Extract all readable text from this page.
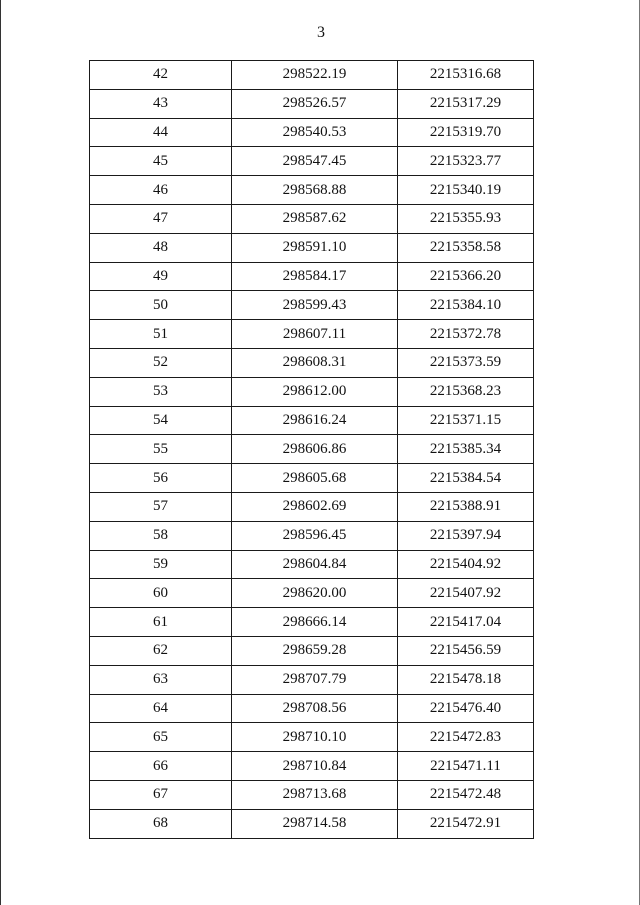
3
42	298522.19	2215316.68
43	298526.57	2215317.29
44	298540.53	2215319.70
45	298547.45	2215323.77
46	298568.88	2215340.19
47	298587.62	2215355.93
48	298591.10	2215358.58
49	298584.17	2215366.20
50	298599.43	2215384.10
51	298607.11	2215372.78
52	298608.31	2215373.59
53	298612.00	2215368.23
54	298616.24	2215371.15
55	298606.86	2215385.34
56	298605.68	2215384.54
57	298602.69	2215388.91
58	298596.45	2215397.94
59	298604.84	2215404.92
60	298620.00	2215407.92
61	298666.14	2215417.04
62	298659.28	2215456.59
63	298707.79	2215478.18
64	298708.56	2215476.40
65	298710.10	2215472.83
66	298710.84	2215471.11
67	298713.68	2215472.48
68	298714.58	2215472.91
